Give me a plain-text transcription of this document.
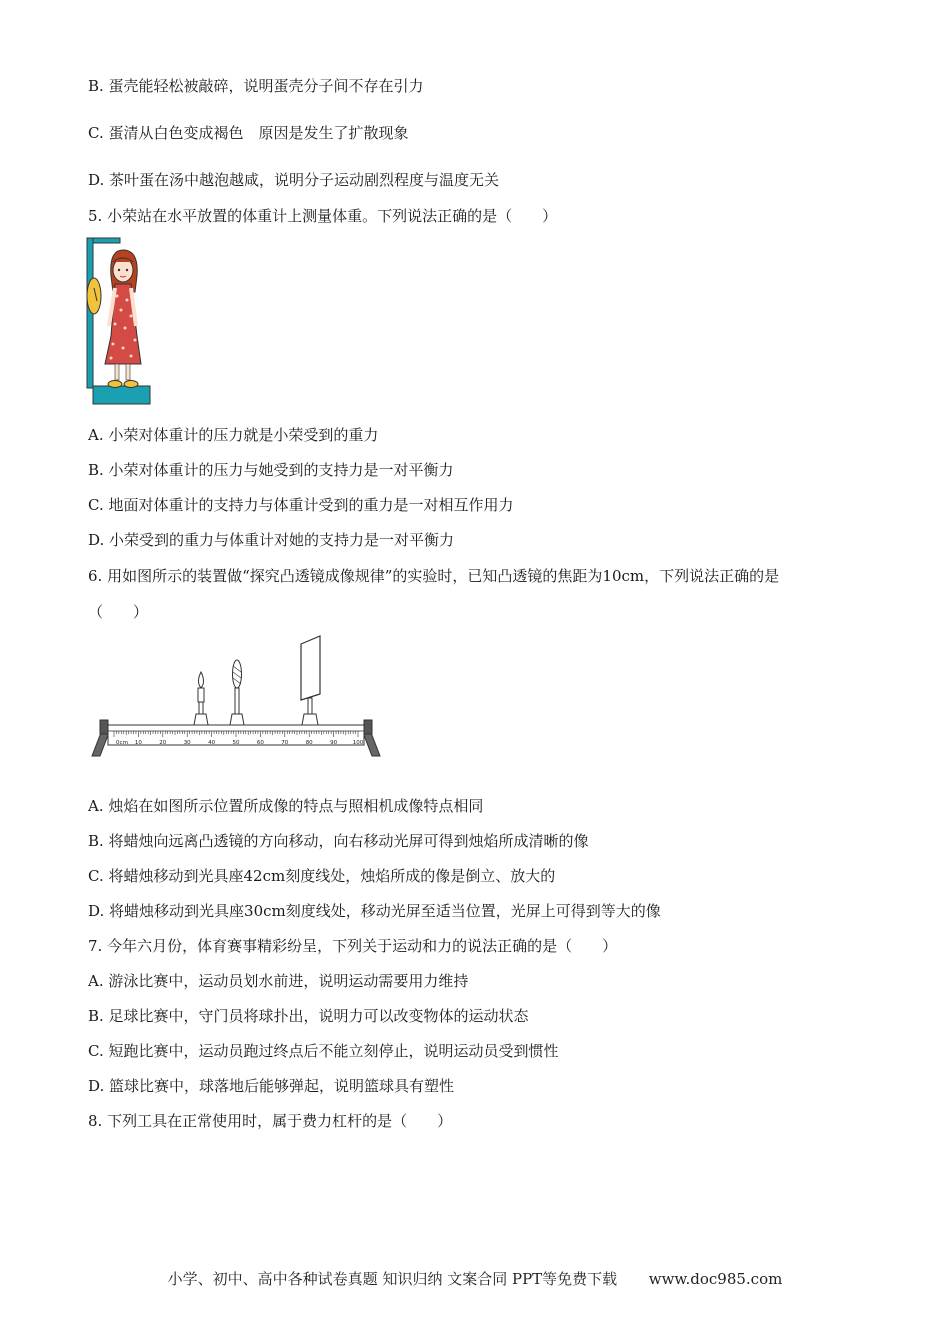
B. 蛋壳能轻松被敲碎，说明蛋壳分子间不存在引力
C. 蛋清从白色变成褐色　原因是发生了扩散现象
D. 茶叶蛋在汤中越泡越咸，说明分子运动剧烈程度与温度无关
5. 小荣站在水平放置的体重计上测量体重。下列说法正确的是（　　）
A. 小荣对体重计的压力就是小荣受到的重力
B. 小荣对体重计的压力与她受到的支持力是一对平衡力
C. 地面对体重计的支持力与体重计受到的重力是一对相互作用力
D. 小荣受到的重力与体重计对她的支持力是一对平衡力
6. 用如图所示的装置做“探究凸透镜成像规律”的实验时，已知凸透镜的焦距为10cm，下列说法正确的是
（　　）
0cm 10	20	30	40	50	60	70	80	90	100
A. 烛焰在如图所示位置所成像的特点与照相机成像特点相同
B. 将蜡烛向远离凸透镜的方向移动，向右移动光屏可得到烛焰所成清晰的像
C. 将蜡烛移动到光具座42cm刻度线处，烛焰所成的像是倒立、放大的
D. 将蜡烛移动到光具座30cm刻度线处，移动光屏至适当位置，光屏上可得到等大的像
7. 今年六月份，体育赛事精彩纷呈，下列关于运动和力的说法正确的是（　　）
A. 游泳比赛中，运动员划水前进，说明运动需要用力维持
B. 足球比赛中，守门员将球扑出，说明力可以改变物体的运动状态
C. 短跑比赛中，运动员跑过终点后不能立刻停止，说明运动员受到惯性
D. 篮球比赛中，球落地后能够弹起，说明篮球具有塑性
8. 下列工具在正常使用时，属于费力杠杆的是（　　）
小学、初中、高中各种试卷真题 知识归纳 文案合同 PPT等免费下载 www.doc985.com
